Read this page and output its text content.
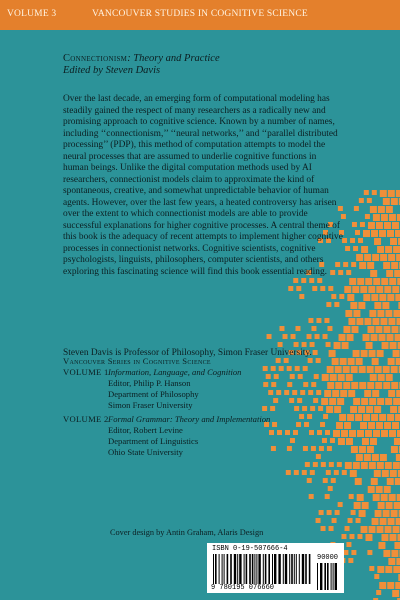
VOLUME 3	VANCOUVER STUDIES IN COGNITIVE SCIENCE
Connectionism: Theory and Practice
Edited by Steven Davis

Over the last decade, an emerging form of computational modeling has steadily gained the respect of many researchers as a radically new and promising approach to cognitive science. Known by a number of names, including ‘‘connectionism,’’ ‘‘neural networks,’’ and ‘‘parallel distributed processing’’ (PDP), this method of computation attempts to model the neural processes that are assumed to underlie cognitive functions in human beings. Unlike the digital computation methods used by AI researchers, connectionist models claim to approximate the kind of spontaneous, creative, and somewhat unpredictable behavior of human agents. However, over the last few years, a heated controversy has arisen over the extent to which connectionist models are able to provide successful explanations for higher cognitive processes. A central theme of this book is the adequacy of recent attempts to implement higher cognitive processes in connectionist networks. Cognitive scientists, cognitive psychologists, linguists, philosophers, computer scientists, and others exploring this fascinating science will find this book essential reading.

Steven Davis is Professor of Philosophy, Simon Fraser University.
Vancouver Series in Cognitive Science
VOLUME 1 Information, Language, and Cognition
Editor, Philip P. Hanson
Department of Philosophy
Simon Fraser University
VOLUME 2 Formal Grammar: Theory and Implementation
Editor, Robert Levine
Department of Linguistics
Ohio State University
Cover design by Antin Graham, Alaris Design
ISBN 0-19-507666-4
90000
9 780195 076660
